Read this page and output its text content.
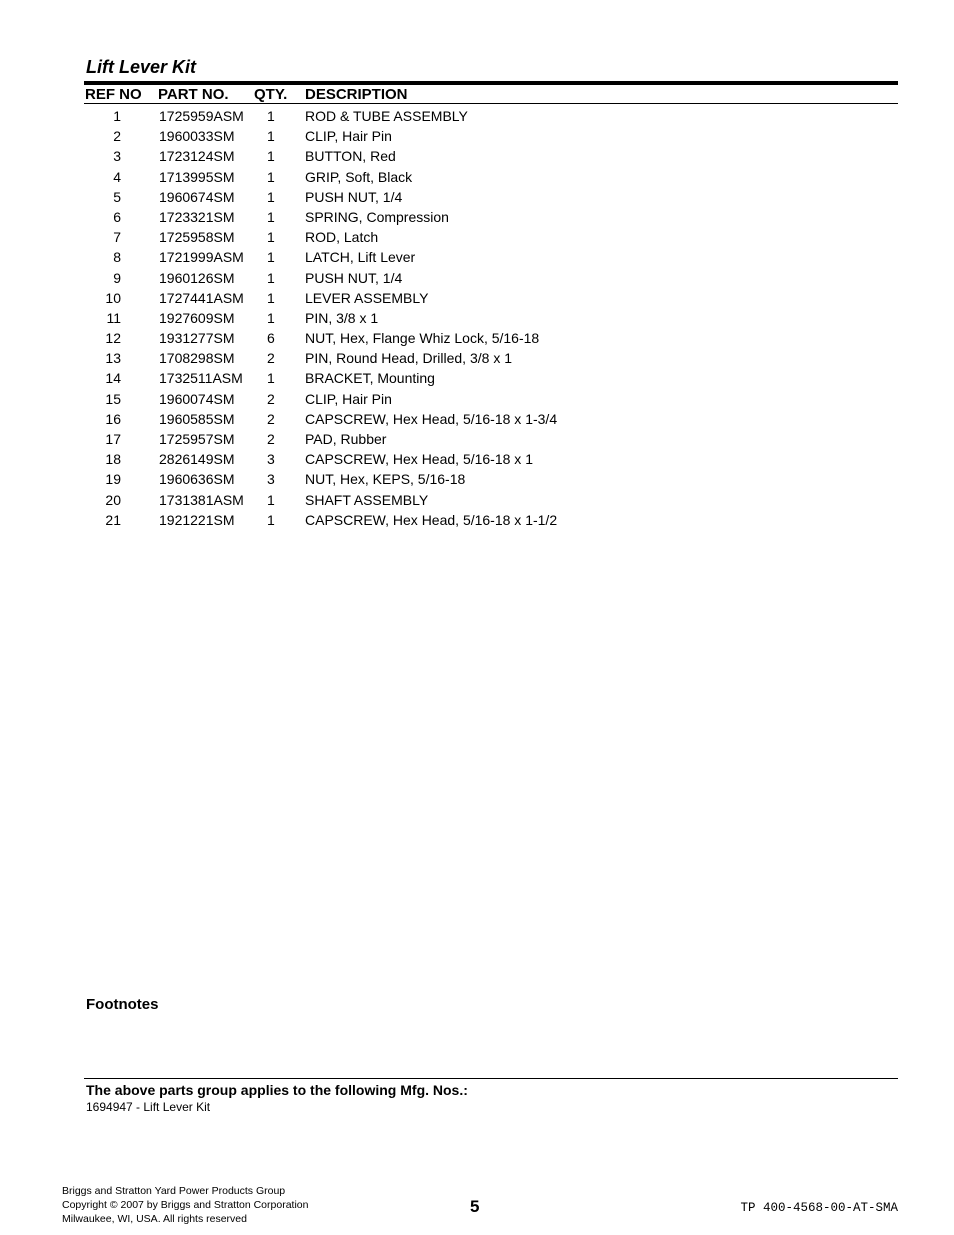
Lift Lever Kit
REF NO PART NO. QTY. DESCRIPTION
1	1725959ASM 1 ROD & TUBE ASSEMBLY
2	1960033SM 1 CLIP, Hair Pin
3	1723124SM 1 BUTTON, Red
4	1713995SM 1 GRIP, Soft, Black
5	1960674SM 1 PUSH NUT, 1/4
6	1723321SM 1 SPRING, Compression
7	1725958SM 1 ROD, Latch
8	1721999ASM 1 LATCH, Lift Lever
9	1960126SM 1 PUSH NUT, 1/4
10	1727441ASM 1 LEVER ASSEMBLY
11	1927609SM 1 PIN, 3/8 x 1
12	1931277SM 6 NUT, Hex, Flange Whiz Lock, 5/16-18
13	1708298SM 2 PIN, Round Head, Drilled, 3/8 x 1
14	1732511ASM 1 BRACKET, Mounting
15	1960074SM 2 CLIP, Hair Pin
16	1960585SM 2 CAPSCREW, Hex Head, 5/16-18 x 1-3/4
17	1725957SM 2 PAD, Rubber
18	2826149SM 3 CAPSCREW, Hex Head, 5/16-18 x 1
19	1960636SM 3 NUT, Hex, KEPS, 5/16-18
20	1731381ASM 1 SHAFT ASSEMBLY
21	1921221SM 1 CAPSCREW, Hex Head, 5/16-18 x 1-1/2
Footnotes
The above parts group applies to the following Mfg. Nos.:
1694947 - Lift Lever Kit
Briggs and Stratton Yard Power Products Group
Copyright © 2007 by Briggs and Stratton Corporation
Milwaukee, WI, USA. All rights reserved
5	TP 400-4568-00-AT-SMA
